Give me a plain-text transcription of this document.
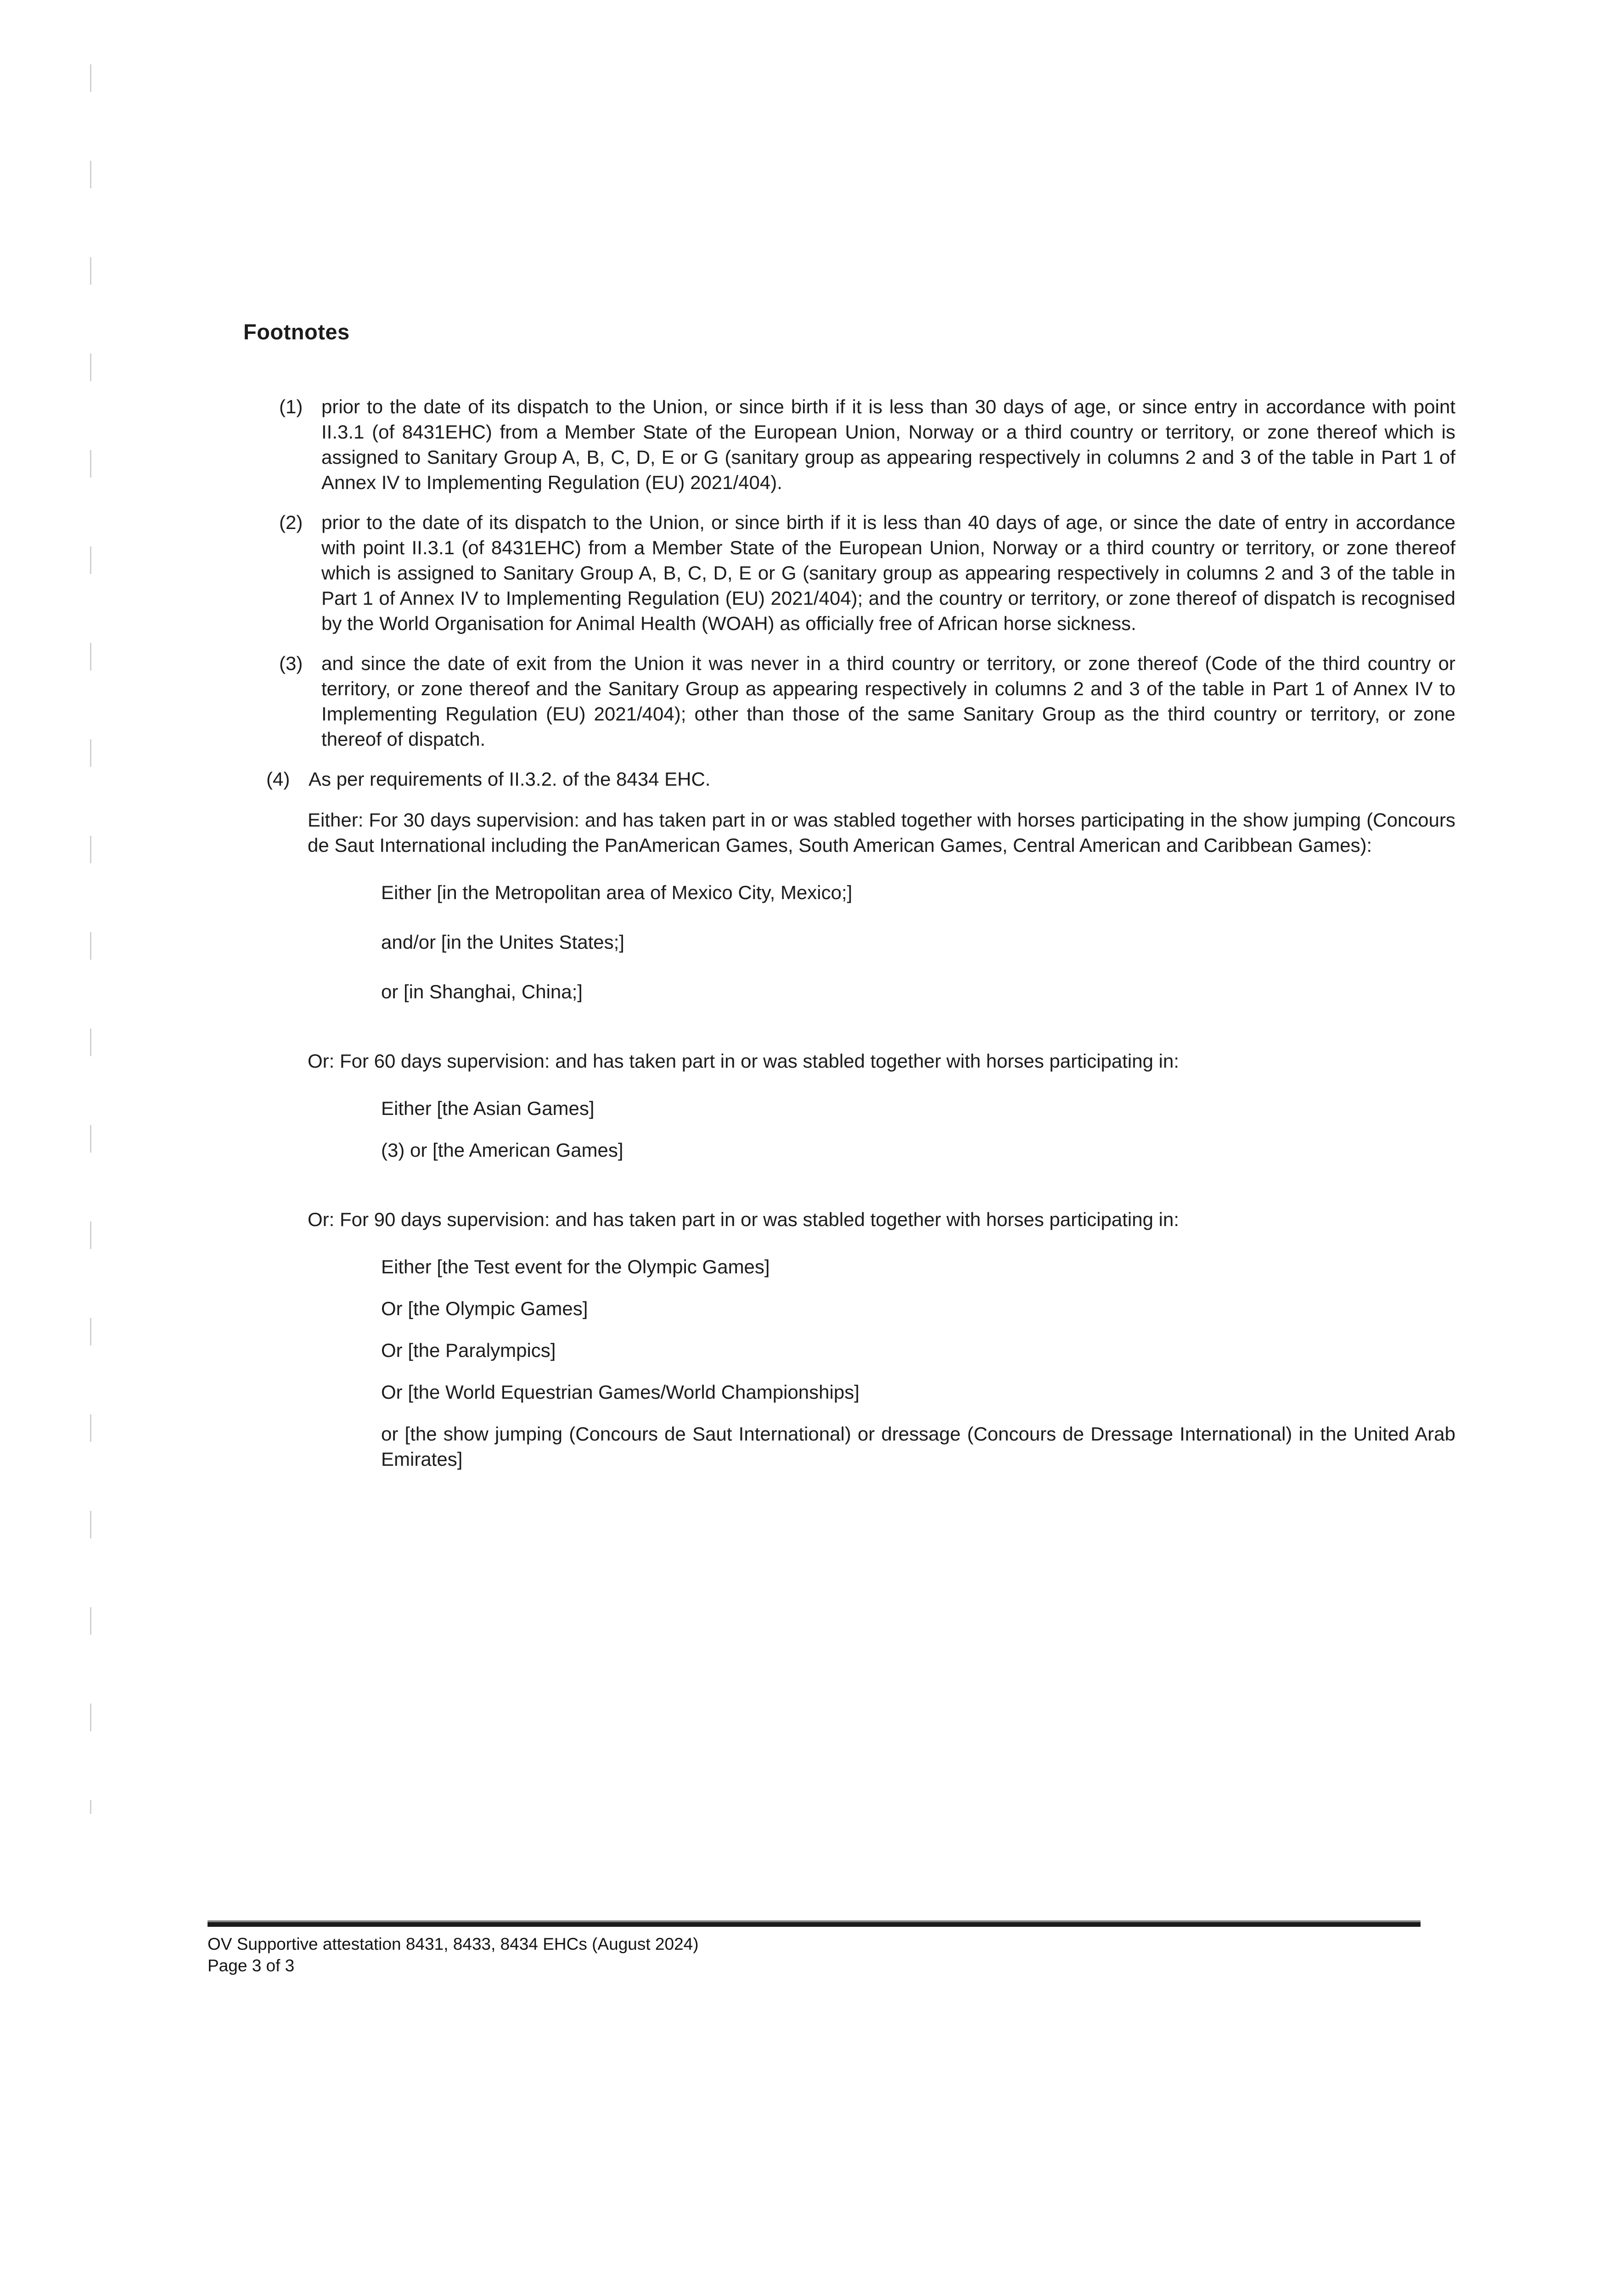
Footnotes
(1) prior to the date of its dispatch to the Union, or since birth if it is less than 30 days of age, or since entry in accordance with point II.3.1 (of 8431EHC) from a Member State of the European Union, Norway or a third country or territory, or zone thereof which is assigned to Sanitary Group A, B, C, D, E or G (sanitary group as appearing respectively in columns 2 and 3 of the table in Part 1 of Annex IV to Implementing Regulation (EU) 2021/404).

(2) prior to the date of its dispatch to the Union, or since birth if it is less than 40 days of age, or since the date of entry in accordance with point II.3.1 (of 8431EHC) from a Member State of the European Union, Norway or a third country or territory, or zone thereof which is assigned to Sanitary Group A, B, C, D, E or G (sanitary group as appearing respectively in columns 2 and 3 of the table in Part 1 of Annex IV to Implementing Regulation (EU) 2021/404); and the country or territory, or zone thereof of dispatch is recognised by the World Organisation for Animal Health (WOAH) as officially free of African horse sickness.

(3) and since the date of exit from the Union it was never in a third country or territory, or zone thereof (Code of the third country or territory, or zone thereof and the Sanitary Group as appearing respectively in columns 2 and 3 of the table in Part 1 of Annex IV to Implementing Regulation (EU) 2021/404); other than those of the same Sanitary Group as the third country or territory, or zone thereof of dispatch.

(4) As per requirements of II.3.2. of the 8434 EHC.

Either: For 30 days supervision: and has taken part in or was stabled together with horses participating in the show jumping (Concours de Saut International including the PanAmerican Games, South American Games, Central American and Caribbean Games):

Either [in the Metropolitan area of Mexico City, Mexico;]

and/or [in the Unites States;]

or [in Shanghai, China;]

Or: For 60 days supervision: and has taken part in or was stabled together with horses participating in:

Either [the Asian Games]

(3) or [the American Games]

Or: For 90 days supervision: and has taken part in or was stabled together with horses participating in:

Either [the Test event for the Olympic Games]

Or [the Olympic Games]

Or [the Paralympics]

Or [the World Equestrian Games/World Championships]

or [the show jumping (Concours de Saut International) or dressage (Concours de Dressage International) in the United Arab Emirates]

OV Supportive attestation 8431, 8433, 8434 EHCs (August 2024)
Page 3 of 3
